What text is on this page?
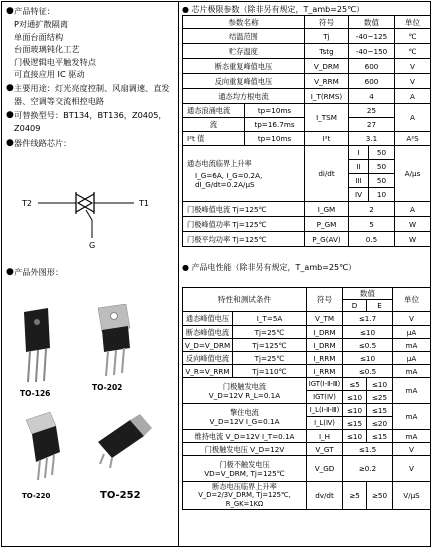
● 产品特征：
P对通扩散隔离
单面台面结构
台面玻璃钝化工艺
门极逻辑电平触发特点
可直接应用 IC 驱动
● 主要用途：灯光亮度控制、风扇调速、直发器、空调等交流相控电路
● 可替换型号：BT134，BT136，Z0405，Z0409
● 器件线路芯片：
T2	T1
G
● 产品外图形：
TO-126
TO-202
TO-220	TO-252
● 芯片极限参数（除非另有规定，T_amb=25℃）
参数名称	符号	数值	单位
结温范围	Tj	-40~125	℃
贮存温度	Tstg	-40~150	℃
断态重复峰值电压	V_DRM	600	V
反向重复峰值电压	V_RRM	600	V
通态均方根电流	I_T(RMS)	4	A
通态浪涌电流	tp=10ms	I_TSM	25	A
流	tp=16.7ms		27	
I²t 值	tp=10ms	I²t	3.1	A²S
通态电流临界上升率
I_G=6A, I_G=0.2A,
dI_G/dt=0.2A/μS	di/dt	I	50	A/μs
		II	50	
		III	50	
		IV	10	
门极峰值电流 Tj=125℃	I_GM	2	A
门极峰值功率 Tj=125℃	P_GM	5	W
门极平均功率 Tj=125℃	P_G(AV)	0.5	W
● 产品电性能（除非另有规定，T_amb=25℃）
特性和测试条件		符号	数值		单位
			D	E	
通态峰值电压	I_T=5A	V_TM	≤1.7		V
断态峰值电流	Tj=25℃	I_DRM	≤10		μA
V_D=V_DRM	Tj=125℃	I_DRM	≤0.5		mA
反向峰值电流	Tj=25℃	I_RRM	≤10		μA
V_R=V_RRM	Tj=110℃	I_RRM	≤0.5		mA

门极触发电流
V_D=12V R_L=0.1A		IGT(Ⅰ-Ⅱ-Ⅲ)	≤5	≤10	mA
		IGT(Ⅳ)	≤10	≤25	

擎住电流
V_D=12V I_G=0.1A		I_L(Ⅰ-Ⅱ-Ⅲ)	≤10	≤15	mA
		I_L(Ⅳ)	≤15	≤20	
维持电流 V_D=12V I_T=0.1A		I_H	≤10	≤15	mA
门极触发电压 V_D=12V		V_GT	≤1.5		V

门极不触发电压
VD=V_DRM, Tj=125℃		V_GD	≥0.2		V

断态电压临界上升率
V_D=2/3V_DRM, Tj=125℃, R_GK=1KΩ		dv/dt	≥5	≥50	V/μS
